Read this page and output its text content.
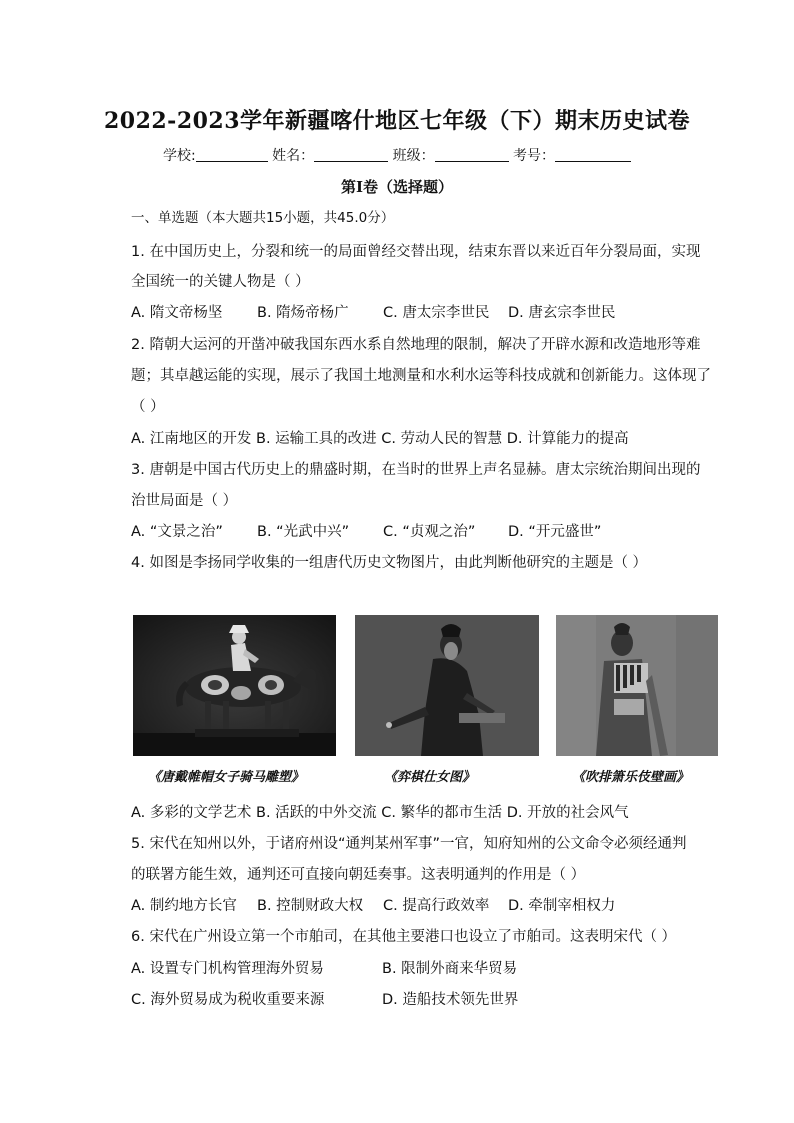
2022-2023学年新疆喀什地区七年级（下）期末历史试卷
学校:	姓名：	班级：	考号：
第I卷（选择题）
一、单选题（本大题共15小题，共45.0分）
1. 在中国历史上，分裂和统一的局面曾经交替出现，结束东晋以来近百年分裂局面，实现
全国统一的关键人物是（ ）
A. 隋文帝杨坚 B. 隋炀帝杨广 C. 唐太宗李世民 D. 唐玄宗李世民
2. 隋朝大运河的开凿冲破我国东西水系自然地理的限制，解决了开辟水源和改造地形等难
题；其卓越运能的实现，展示了我国土地测量和水利水运等科技成就和创新能力。这体现了
（ ）
A. 江南地区的开发 B. 运输工具的改进 C. 劳动人民的智慧 D. 计算能力的提高
3. 唐朝是中国古代历史上的鼎盛时期，在当时的世界上声名显赫。唐太宗统治期间出现的
治世局面是（ ）
A. “文景之治” B. “光武中兴” C. “贞观之治” D. “开元盛世”
4. 如图是李扬同学收集的一组唐代历史文物图片，由此判断他研究的主题是（ ）
《唐戴帷帽女子骑马雕塑》	《弈棋仕女图》	《吹排箫乐伎壁画》
A. 多彩的文学艺术 B. 活跃的中外交流 C. 繁华的都市生活 D. 开放的社会风气
5. 宋代在知州以外，于诸府州设“通判某州军事”一官，知府知州的公文命令必须经通判
的联署方能生效，通判还可直接向朝廷奏事。这表明通判的作用是（ ）
A. 制约地方长官 B. 控制财政大权 C. 提高行政效率 D. 牵制宰相权力
6. 宋代在广州设立第一个市舶司，在其他主要港口也设立了市舶司。这表明宋代（ ）
A. 设置专门机构管理海外贸易	B. 限制外商来华贸易
C. 海外贸易成为税收重要来源	D. 造船技术领先世界
